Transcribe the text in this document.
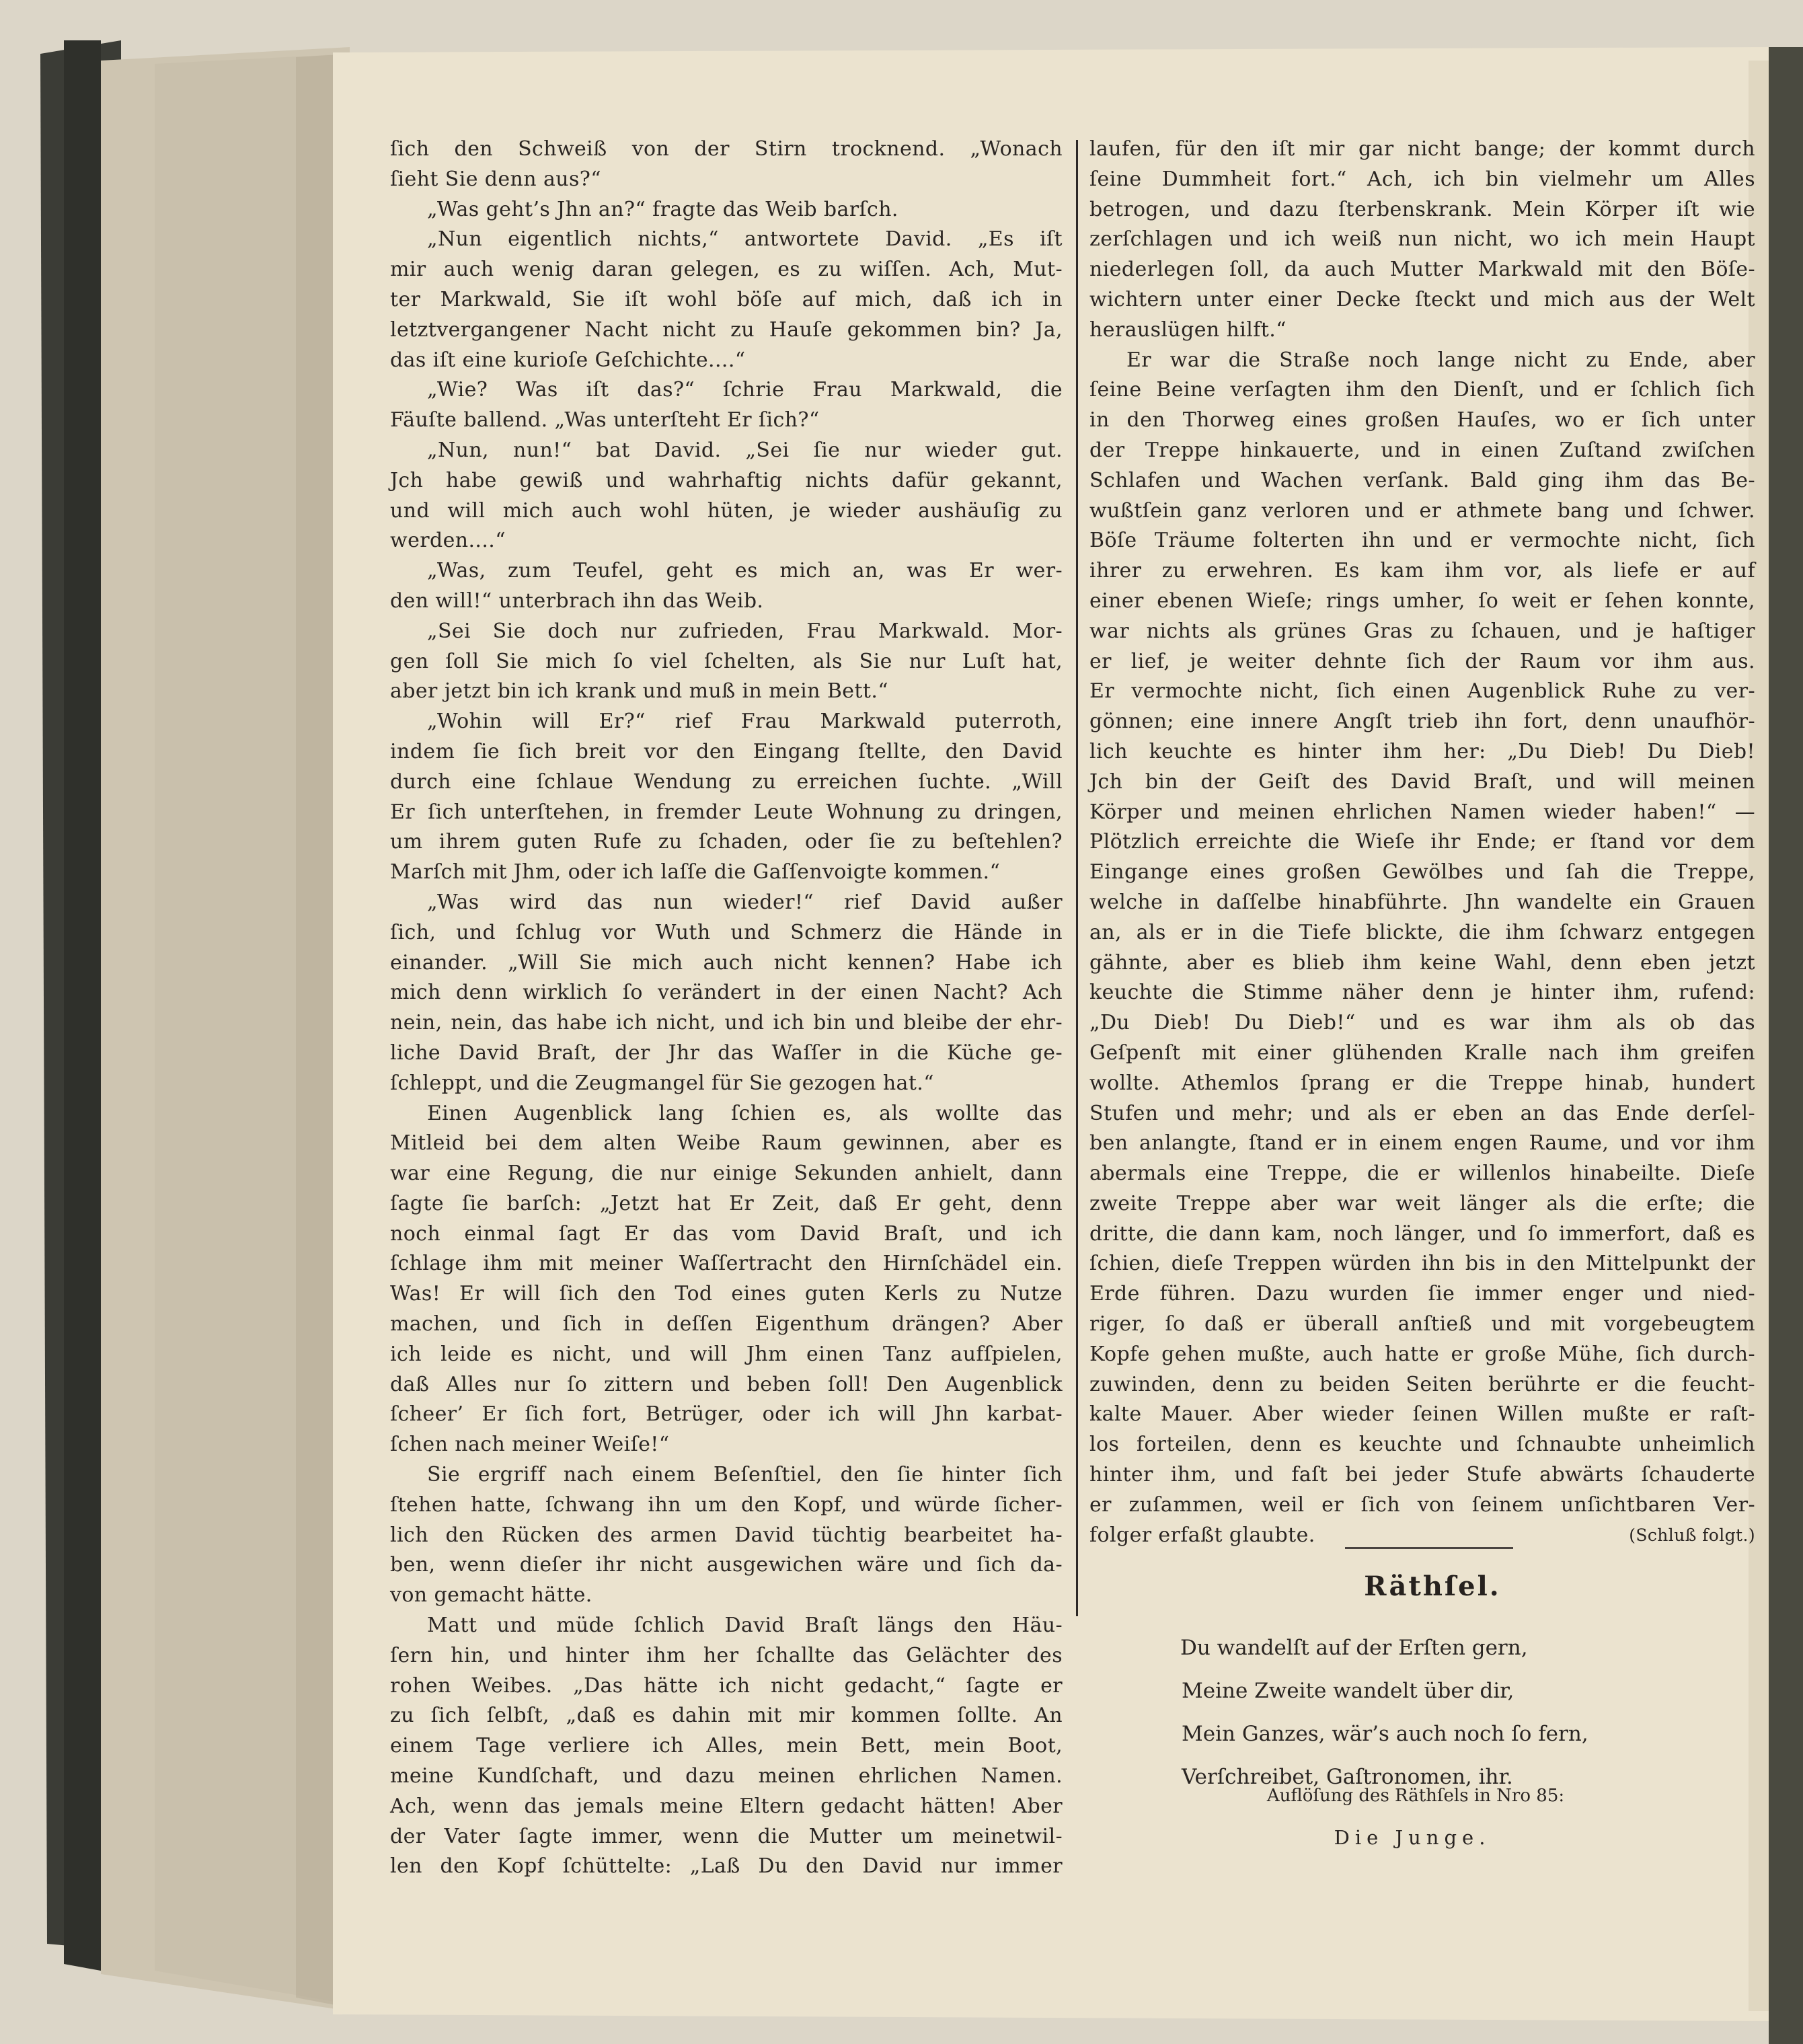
ſich den Schweiß von der Stirn trocknend. „Wonach
ſieht Sie denn aus?“
„Was geht’s Jhn an?“ fragte das Weib barſch.
„Nun eigentlich nichts,“ antwortete David. „Es iſt
mir auch wenig daran gelegen, es zu wiſſen. Ach, Mut-
ter Markwald, Sie iſt wohl böſe auf mich, daß ich in
letztvergangener Nacht nicht zu Hauſe gekommen bin? Ja,
das iſt eine kurioſe Geſchichte....“
„Wie? Was iſt das?“ ſchrie Frau Markwald, die
Fäuſte ballend. „Was unterſteht Er ſich?“
„Nun, nun!“ bat David. „Sei ſie nur wieder gut.
Jch habe gewiß und wahrhaftig nichts dafür gekannt,
und will mich auch wohl hüten, je wieder aushäuſig zu
werden....“
„Was, zum Teufel, geht es mich an, was Er wer-
den will!“ unterbrach ihn das Weib.
„Sei Sie doch nur zufrieden, Frau Markwald. Mor-
gen ſoll Sie mich ſo viel ſchelten, als Sie nur Luſt hat,
aber jetzt bin ich krank und muß in mein Bett.“
„Wohin will Er?“ rief Frau Markwald puterroth,
indem ſie ſich breit vor den Eingang ſtellte, den David
durch eine ſchlaue Wendung zu erreichen ſuchte. „Will
Er ſich unterſtehen, in fremder Leute Wohnung zu dringen,
um ihrem guten Rufe zu ſchaden, oder ſie zu beſtehlen?
Marſch mit Jhm, oder ich laſſe die Gaſſenvoigte kommen.“
„Was wird das nun wieder!“ rief David außer
ſich, und ſchlug vor Wuth und Schmerz die Hände in
einander. „Will Sie mich auch nicht kennen? Habe ich
mich denn wirklich ſo verändert in der einen Nacht? Ach
nein, nein, das habe ich nicht, und ich bin und bleibe der ehr-
liche David Braſt, der Jhr das Waſſer in die Küche ge-
ſchleppt, und die Zeugmangel für Sie gezogen hat.“
Einen Augenblick lang ſchien es, als wollte das
Mitleid bei dem alten Weibe Raum gewinnen, aber es
war eine Regung, die nur einige Sekunden anhielt, dann
ſagte ſie barſch: „Jetzt hat Er Zeit, daß Er geht, denn
noch einmal ſagt Er das vom David Braſt, und ich
ſchlage ihm mit meiner Waſſertracht den Hirnſchädel ein.
Was! Er will ſich den Tod eines guten Kerls zu Nutze
machen, und ſich in deſſen Eigenthum drängen? Aber
ich leide es nicht, und will Jhm einen Tanz aufſpielen,
daß Alles nur ſo zittern und beben ſoll! Den Augenblick
ſcheer’ Er ſich fort, Betrüger, oder ich will Jhn karbat-
ſchen nach meiner Weiſe!“
Sie ergriff nach einem Beſenſtiel, den ſie hinter ſich
ſtehen hatte, ſchwang ihn um den Kopf, und würde ſicher-
lich den Rücken des armen David tüchtig bearbeitet ha-
ben, wenn dieſer ihr nicht ausgewichen wäre und ſich da-
von gemacht hätte.
Matt und müde ſchlich David Braſt längs den Häu-
ſern hin, und hinter ihm her ſchallte das Gelächter des
rohen Weibes. „Das hätte ich nicht gedacht,“ ſagte er
zu ſich ſelbſt, „daß es dahin mit mir kommen ſollte. An
einem Tage verliere ich Alles, mein Bett, mein Boot,
meine Kundſchaft, und dazu meinen ehrlichen Namen.
Ach, wenn das jemals meine Eltern gedacht hätten! Aber
der Vater ſagte immer, wenn die Mutter um meinetwil-
len den Kopf ſchüttelte: „Laß Du den David nur immer
laufen, für den iſt mir gar nicht bange; der kommt durch
ſeine Dummheit fort.“ Ach, ich bin vielmehr um Alles
betrogen, und dazu ſterbenskrank. Mein Körper iſt wie
zerſchlagen und ich weiß nun nicht, wo ich mein Haupt
niederlegen ſoll, da auch Mutter Markwald mit den Böſe-
wichtern unter einer Decke ſteckt und mich aus der Welt
herauslügen hilft.“
Er war die Straße noch lange nicht zu Ende, aber
ſeine Beine verſagten ihm den Dienſt, und er ſchlich ſich
in den Thorweg eines großen Hauſes, wo er ſich unter
der Treppe hinkauerte, und in einen Zuſtand zwiſchen
Schlafen und Wachen verſank. Bald ging ihm das Be-
wußtſein ganz verloren und er athmete bang und ſchwer.
Böſe Träume folterten ihn und er vermochte nicht, ſich
ihrer zu erwehren. Es kam ihm vor, als liefe er auf
einer ebenen Wieſe; rings umher, ſo weit er ſehen konnte,
war nichts als grünes Gras zu ſchauen, und je haſtiger
er lief, je weiter dehnte ſich der Raum vor ihm aus.
Er vermochte nicht, ſich einen Augenblick Ruhe zu ver-
gönnen; eine innere Angſt trieb ihn fort, denn unaufhör-
lich keuchte es hinter ihm her: „Du Dieb! Du Dieb!
Jch bin der Geiſt des David Braſt, und will meinen
Körper und meinen ehrlichen Namen wieder haben!“ —
Plötzlich erreichte die Wieſe ihr Ende; er ſtand vor dem
Eingange eines großen Gewölbes und ſah die Treppe,
welche in daſſelbe hinabführte. Jhn wandelte ein Grauen
an, als er in die Tiefe blickte, die ihm ſchwarz entgegen
gähnte, aber es blieb ihm keine Wahl, denn eben jetzt
keuchte die Stimme näher denn je hinter ihm, rufend:
„Du Dieb! Du Dieb!“ und es war ihm als ob das
Geſpenſt mit einer glühenden Kralle nach ihm greifen
wollte. Athemlos ſprang er die Treppe hinab, hundert
Stufen und mehr; und als er eben an das Ende derſel-
ben anlangte, ſtand er in einem engen Raume, und vor ihm
abermals eine Treppe, die er willenlos hinabeilte. Dieſe
zweite Treppe aber war weit länger als die erſte; die
dritte, die dann kam, noch länger, und ſo immerfort, daß es
ſchien, dieſe Treppen würden ihn bis in den Mittelpunkt der
Erde führen. Dazu wurden ſie immer enger und nied-
riger, ſo daß er überall anſtieß und mit vorgebeugtem
Kopfe gehen mußte, auch hatte er große Mühe, ſich durch-
zuwinden, denn zu beiden Seiten berührte er die feucht-
kalte Mauer. Aber wieder ſeinen Willen mußte er raſt-
los forteilen, denn es keuchte und ſchnaubte unheimlich
hinter ihm, und faſt bei jeder Stufe abwärts ſchauderte
er zuſammen, weil er ſich von ſeinem unſichtbaren Ver-
folger erfaßt glaubte.	(Schluß folgt.)
Räthſel.
Du wandelſt auf der Erſten gern,
Meine Zweite wandelt über dir,
Mein Ganzes, wär’s auch noch ſo fern,
Verſchreibet, Gaſtronomen, ihr.
Auflöſung des Räthſels in Nro 85:
Die Junge.
